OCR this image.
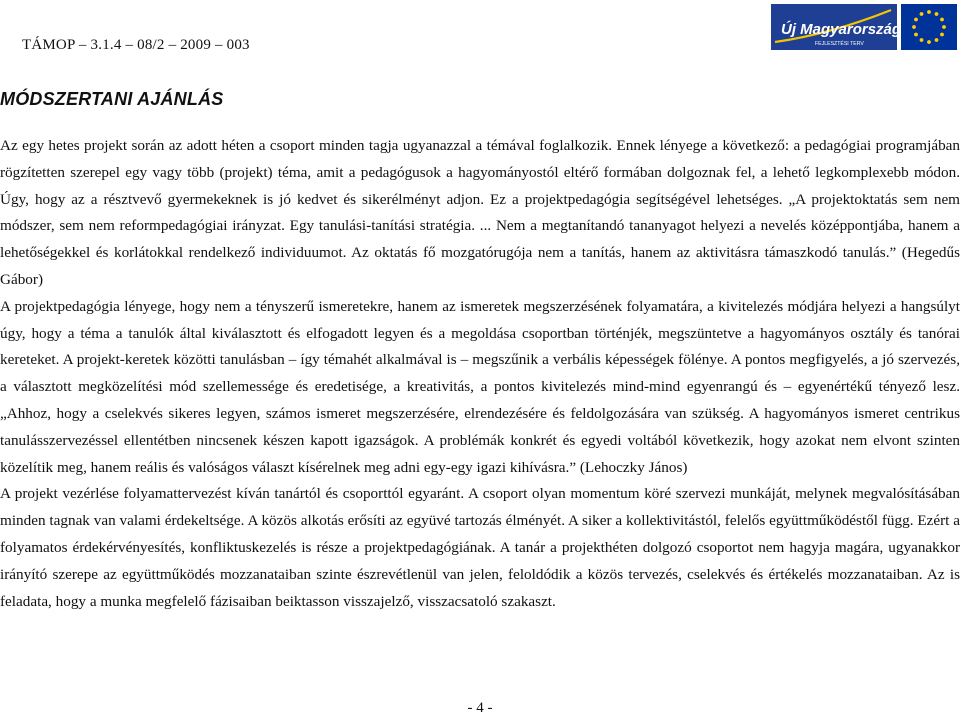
TÁMOP – 3.1.4 – 08/2 – 2009 – 003
Új Magyarország
FEJLESZTÉSI TERV
MÓDSZERTANI AJÁNLÁS

Az egy hetes projekt során az adott héten a csoport minden tagja ugyanazzal a témával foglalkozik. Ennek lényege a következő: a pedagógiai programjában rögzítetten szerepel egy vagy több (projekt) téma, amit a pedagógusok a hagyományostól eltérő formában dolgoznak fel, a lehető legkomplexebb módon. Úgy, hogy az a résztvevő gyermekeknek is jó kedvet és sikerélményt adjon. Ez a projektpedagógia segítségével lehetséges. „A projektoktatás sem nem módszer, sem nem reformpedagógiai irányzat. Egy tanulási-tanítási stratégia. ... Nem a megtanítandó tananyagot helyezi a nevelés középpontjába, hanem a lehetőségekkel és korlátokkal rendelkező individuumot. Az oktatás fő mozgatórugója nem a tanítás, hanem az aktivitásra támaszkodó tanulás.” (Hegedűs Gábor)

A projektpedagógia lényege, hogy nem a tényszerű ismeretekre, hanem az ismeretek megszerzésének folyamatára, a kivitelezés módjára helyezi a hangsúlyt úgy, hogy a téma a tanulók által kiválasztott és elfogadott legyen és a megoldása csoportban történjék, megszüntetve a hagyományos osztály és tanórai kereteket. A projekt-keretek közötti tanulásban – így témahét alkalmával is – megszűnik a verbális képességek fölénye. A pontos megfigyelés, a jó szervezés, a választott megközelítési mód szellemessége és eredetisége, a kreativitás, a pontos kivitelezés mind-mind egyenrangú és – egyenértékű tényező lesz. „Ahhoz, hogy a cselekvés sikeres legyen, számos ismeret megszerzésére, elrendezésére és feldolgozására van szükség. A hagyományos ismeret centrikus tanulásszervezéssel ellentétben nincsenek készen kapott igazságok. A problémák konkrét és egyedi voltából következik, hogy azokat nem elvont szinten közelítik meg, hanem reális és valóságos választ kísérelnek meg adni egy-egy igazi kihívásra.” (Lehoczky János)

A projekt vezérlése folyamattervezést kíván tanártól és csoporttól egyaránt. A csoport olyan momentum köré szervezi munkáját, melynek megvalósításában minden tagnak van valami érdekeltsége. A közös alkotás erősíti az együvé tartozás élményét. A siker a kollektivitástól, felelős együttműködéstől függ. Ezért a folyamatos érdekérvényesítés, konfliktuskezelés is része a projektpedagógiának. A tanár a projekthéten dolgozó csoportot nem hagyja magára, ugyanakkor irányító szerepe az együttműködés mozzanataiban szinte észrevétlenül van jelen, feloldódik a közös tervezés, cselekvés és értékelés mozzanataiban. Az is feladata, hogy a munka megfelelő fázisaiban beiktasson visszajelző, visszacsatoló szakaszt.

- 4 -
